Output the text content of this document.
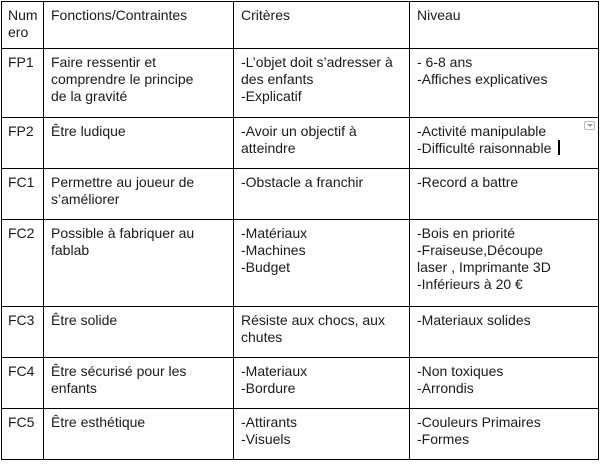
Num
ero	Fonctions/Contraintes	Critères	Niveau
FP1	Faire ressentir et
comprendre le principe
de la gravité	-L’objet doit s’adresser à
des enfants
-Explicatif	- 6-8 ans
-Affiches explicatives
FP2	Être ludique	-Avoir un objectif à
atteindre	-Activité manipulable
-Difficulté raisonnable

FC1	Permettre au joueur de
s’améliorer	-Obstacle a franchir	-Record a battre
FC2	Possible à fabriquer au
fablab	-Matériaux
-Machines
-Budget	-Bois en priorité
-Fraiseuse,Découpe
laser , Imprimante 3D
-Inférieurs à 20 €
FC3	Être solide	Résiste aux chocs, aux
chutes	-Materiaux solides
FC4	Être sécurisé pour les
enfants	-Materiaux
-Bordure	-Non toxiques
-Arrondis
FC5	Être esthétique	-Attirants
-Visuels	-Couleurs Primaires
-Formes
